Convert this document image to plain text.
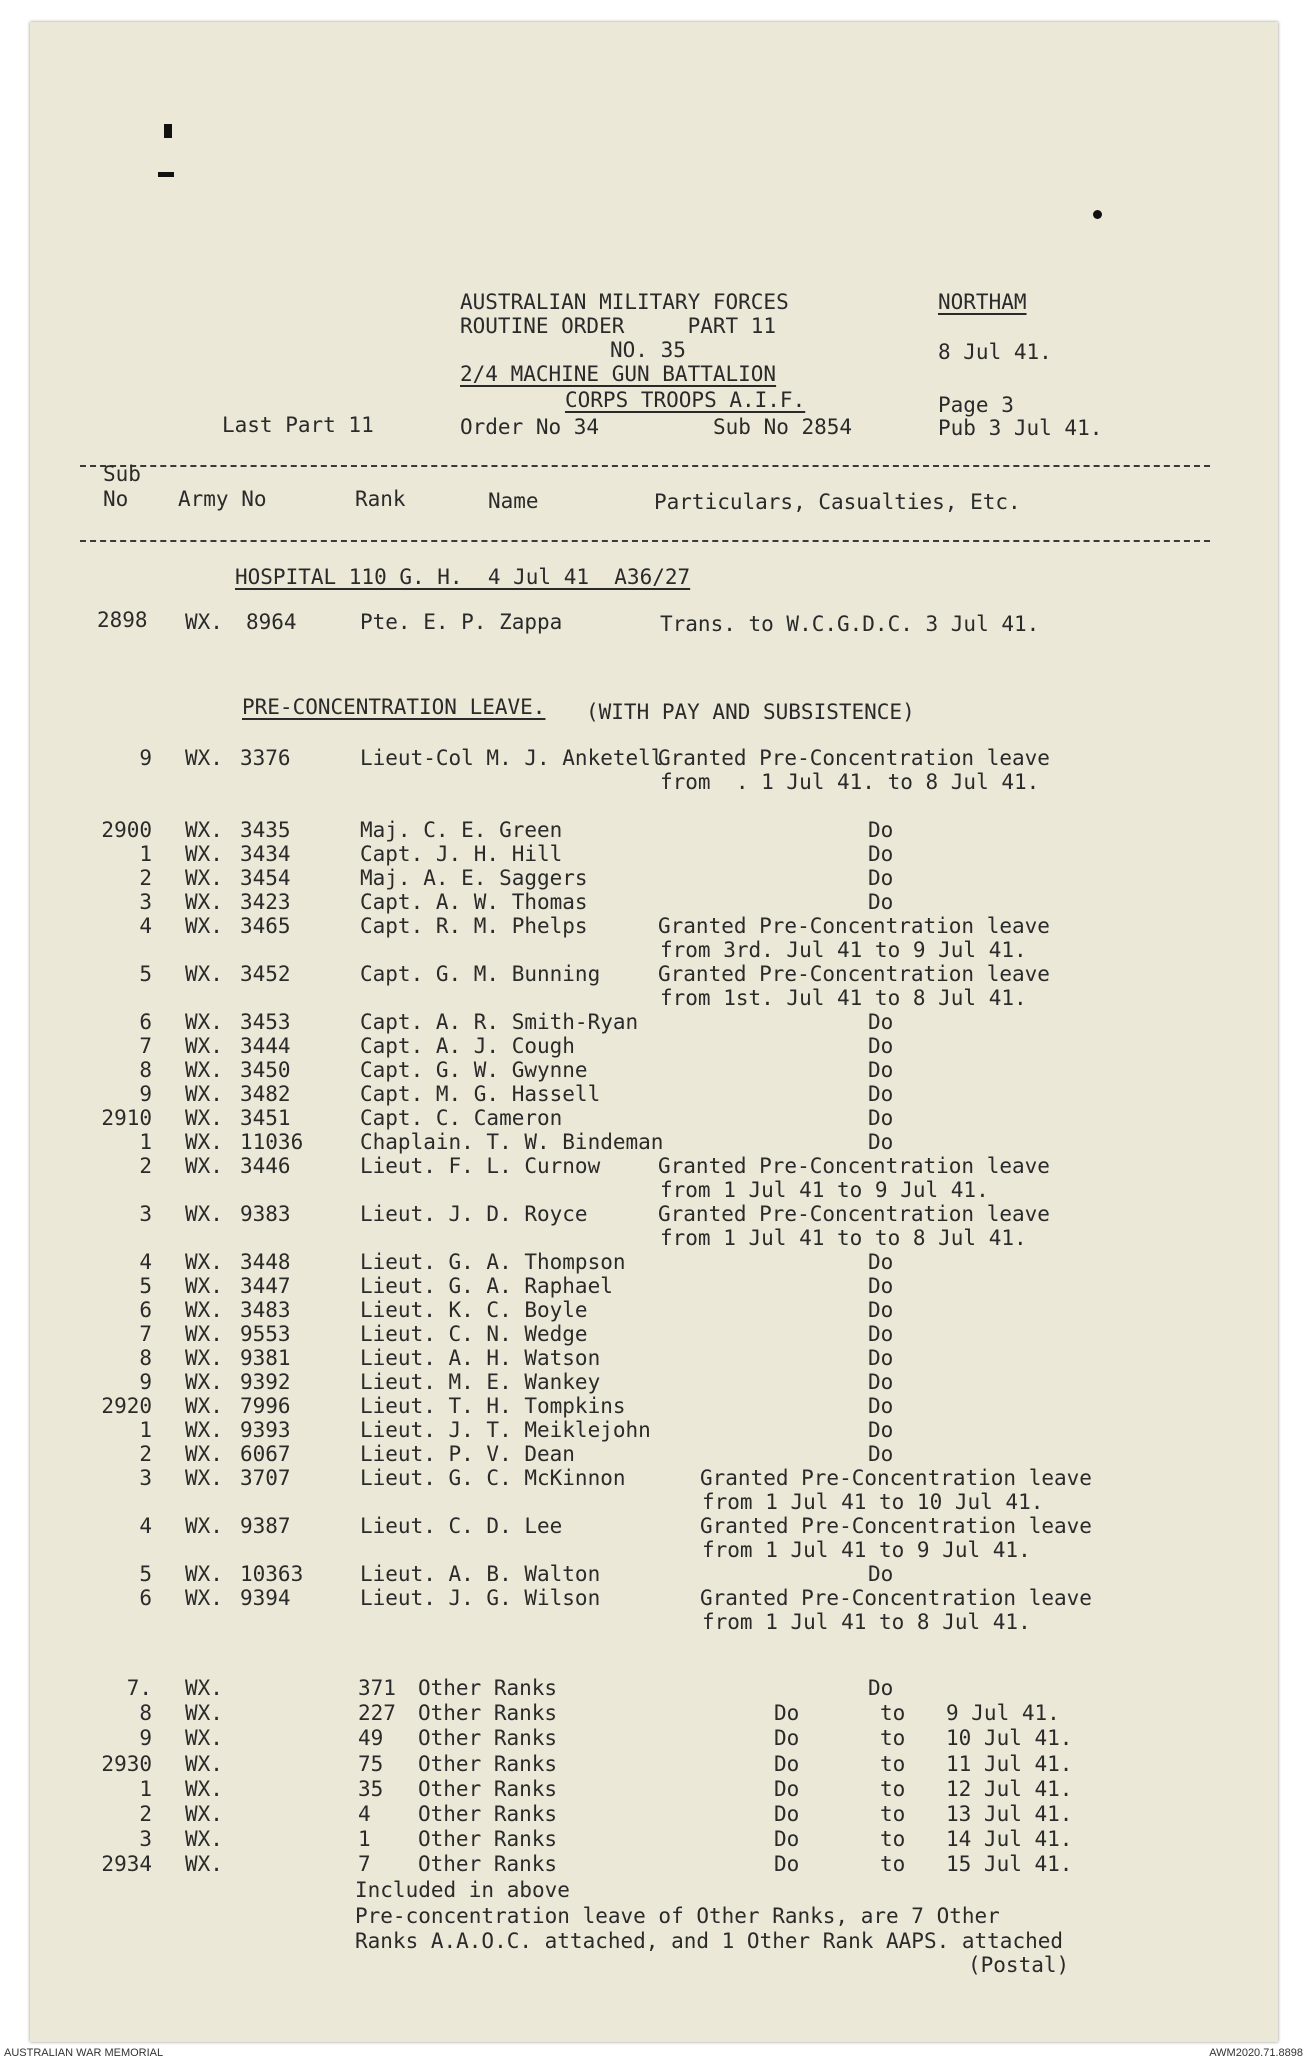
AUSTRALIAN MILITARY FORCES
ROUTINE ORDER     PART 11
NO. 35
2/4 MACHINE GUN BATTALION
CORPS TROOPS A.I.F.
NORTHAM
8 Jul 41.
Page 3
Pub 3 Jul 41.
Last Part 11	Order No 34	Sub No 2854
Sub
No Army No	Rank	Name	Particulars, Casualties, Etc.
HOSPITAL 110 G. H.  4 Jul 41  A36/27
2898 WX. 8964	Pte. E. P. Zappa	Trans. to W.C.G.D.C. 3 Jul 41.
PRE-CONCENTRATION LEAVE. (WITH PAY AND SUBSISTENCE)
9 WX. 3376	Lieut-Col M. J. Anketell
Granted Pre-Concentration leave
from  . 1 Jul 41. to 8 Jul 41.
2900 WX. 3435	Maj. C. E. Green	Do
1 WX. 3434	Capt. J. H. Hill	Do
2 WX. 3454	Maj. A. E. Saggers	Do
3 WX. 3423	Capt. A. W. Thomas	Do
4 WX. 3465	Capt. R. M. Phelps	Granted Pre-Concentration leave
from 3rd. Jul 41 to 9 Jul 41.
5 WX. 3452	Capt. G. M. Bunning	Granted Pre-Concentration leave
from 1st. Jul 41 to 8 Jul 41.
6 WX. 3453	Capt. A. R. Smith-Ryan	Do
7 WX. 3444	Capt. A. J. Cough	Do
8 WX. 3450	Capt. G. W. Gwynne	Do
9 WX. 3482	Capt. M. G. Hassell	Do
2910 WX. 3451	Capt. C. Cameron	Do
1 WX. 11036	Chaplain. T. W. Bindeman	Do
2 WX. 3446	Lieut. F. L. Curnow	Granted Pre-Concentration leave
from 1 Jul 41 to 9 Jul 41.
3 WX. 9383	Lieut. J. D. Royce	Granted Pre-Concentration leave
from 1 Jul 41 to to 8 Jul 41.
4 WX. 3448	Lieut. G. A. Thompson	Do
5 WX. 3447	Lieut. G. A. Raphael	Do
6 WX. 3483	Lieut. K. C. Boyle	Do
7 WX. 9553	Lieut. C. N. Wedge	Do
8 WX. 9381	Lieut. A. H. Watson	Do
9 WX. 9392	Lieut. M. E. Wankey	Do
2920 WX. 7996	Lieut. T. H. Tompkins	Do
1 WX. 9393	Lieut. J. T. Meiklejohn	Do
2 WX. 6067	Lieut. P. V. Dean	Do
3 WX. 3707	Lieut. G. C. McKinnon	Granted Pre-Concentration leave
from 1 Jul 41 to 10 Jul 41.
4 WX. 9387	Lieut. C. D. Lee	Granted Pre-Concentration leave
from 1 Jul 41 to 9 Jul 41.
5 WX. 10363	Lieut. A. B. Walton	Do
6 WX. 9394	Lieut. J. G. Wilson	Granted Pre-Concentration leave
from 1 Jul 41 to 8 Jul 41.
7. WX.	371 Other Ranks	Do
8 WX.	227 Other Ranks	Do	to 9 Jul 41.
9 WX.	49 Other Ranks	Do	to 10 Jul 41.
2930 WX.	75 Other Ranks	Do	to 11 Jul 41.
1 WX.	35 Other Ranks	Do	to 12 Jul 41.
2 WX.	4 Other Ranks	Do	to 13 Jul 41.
3 WX.	1 Other Ranks	Do	to 14 Jul 41.
2934 WX.	7 Other Ranks	Do	to 15 Jul 41.
Included in above
Pre-concentration leave of Other Ranks, are 7 Other
Ranks A.A.O.C. attached, and 1 Other Rank AAPS. attached
(Postal)
AUSTRALIAN WAR MEMORIAL	AWM2020.71.8898
